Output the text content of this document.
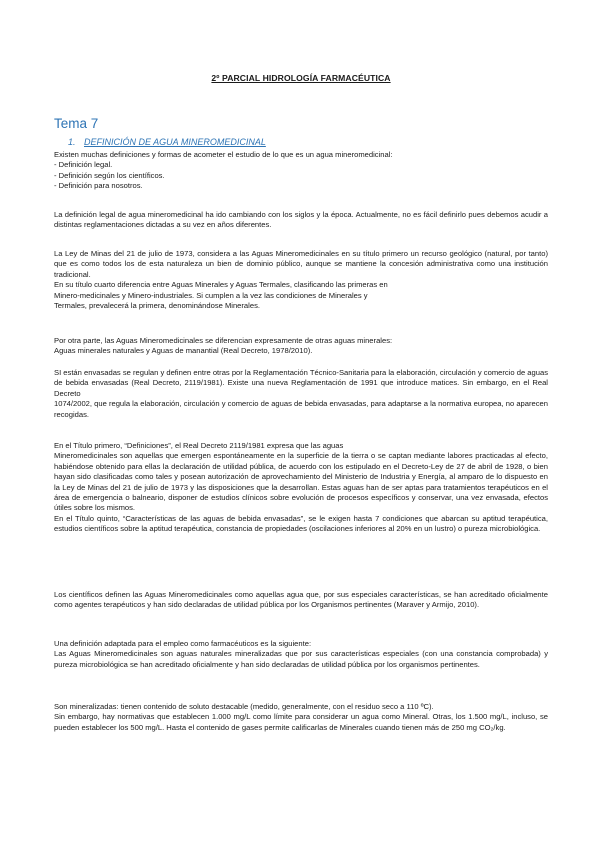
2º PARCIAL HIDROLOGÍA FARMACÉUTICA
Tema 7
1. DEFINICIÓN DE AGUA MINEROMEDICINAL

Existen muchas definiciones y formas de acometer el estudio de lo que es un agua mineromedicinal:

- Definición legal.

- Definición según los científicos.

- Definición para nosotros.

La definición legal de agua mineromedicinal ha ido cambiando con los siglos y la época. Actualmente, no es fácil definirlo pues debemos acudir a distintas reglamentaciones dictadas a su vez en años diferentes.

La Ley de Minas del 21 de julio de 1973, considera a las Aguas Mineromedicinales en su título primero un recurso geológico (natural, por tanto) que es como todos los de esta naturaleza un bien de dominio público, aunque se mantiene la concesión administrativa como una institución tradicional.

En su título cuarto diferencia entre Aguas Minerales y Aguas Termales, clasificando las primeras en

Minero-medicinales y Minero-industriales. Si cumplen a la vez las condiciones de Minerales y

Termales, prevalecerá la primera, denominándose Minerales.

Por otra parte, las Aguas Mineromedicinales se diferencian expresamente de otras aguas minerales:

Aguas minerales naturales y Aguas de manantial (Real Decreto, 1978/2010).

SI están envasadas se regulan y definen entre otras por la Reglamentación Técnico-Sanitaria para la elaboración, circulación y comercio de aguas de bebida envasadas (Real Decreto, 2119/1981). Existe una nueva Reglamentación de 1991 que introduce matices. Sin embargo, en el Real Decreto

1074/2002, que regula la elaboración, circulación y comercio de aguas de bebida envasadas, para adaptarse a la normativa europea, no aparecen recogidas.

En el Título primero, “Definiciones”, el Real Decreto 2119/1981 expresa que las aguas

Mineromedicinales son aquellas que emergen espontáneamente en la superficie de la tierra o se captan mediante labores practicadas al efecto, habiéndose obtenido para ellas la declaración de utilidad pública, de acuerdo con los estipulado en el Decreto-Ley de 27 de abril de 1928, o bien hayan sido clasificadas como tales y posean autorización de aprovechamiento del Ministerio de Industria y Energía, al amparo de lo dispuesto en la Ley de Minas del 21 de julio de 1973 y las disposiciones que la desarrollan. Estas aguas han de ser aptas para tratamientos terapéuticos en el área de emergencia o balneario, disponer de estudios clínicos sobre evolución de procesos específicos y conservar, una vez envasada, efectos útiles sobre los mismos.

En el Título quinto, “Características de las aguas de bebida envasadas”, se le exigen hasta 7 condiciones que abarcan su aptitud terapéutica, estudios científicos sobre la aptitud terapéutica, constancia de propiedades (oscilaciones inferiores al 20% en un lustro) o pureza microbiológica.

Los científicos definen las Aguas Mineromedicinales como aquellas agua que, por sus especiales características, se han acreditado oficialmente como agentes terapéuticos y han sido declaradas de utilidad pública por los Organismos pertinentes (Maraver y Armijo, 2010).

Una definición adaptada para el empleo como farmacéuticos es la siguiente:

Las Aguas Mineromedicinales son aguas naturales mineralizadas que por sus características especiales (con una constancia comprobada) y pureza microbiológica se han acreditado oficialmente y han sido declaradas de utilidad pública por los organismos pertinentes.

Son mineralizadas: tienen contenido de soluto destacable (medido, generalmente, con el residuo seco a 110 ºC).

Sin embargo, hay normativas que establecen 1.000 mg/L como límite para considerar un agua como Mineral. Otras, los 1.500 mg/L, incluso, se pueden establecer los 500 mg/L. Hasta el contenido de gases permite calificarlas de Minerales cuando tienen más de 250 mg CO₂/kg.
